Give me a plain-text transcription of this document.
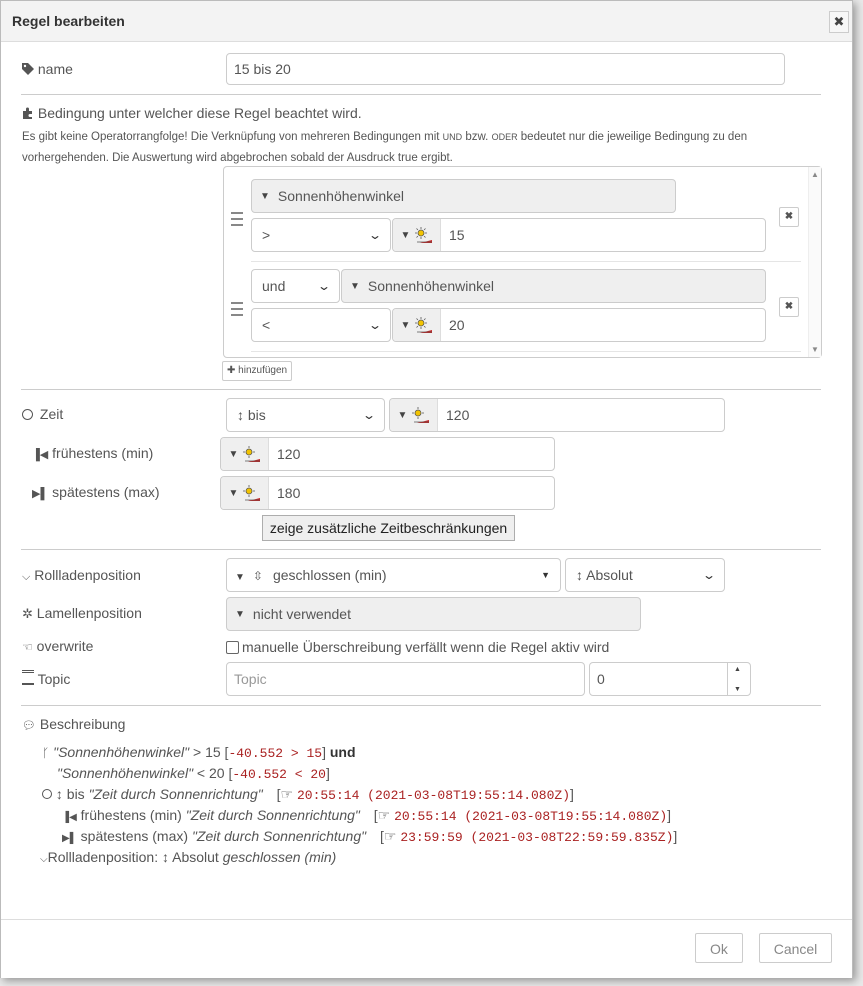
Regel bearbeiten	✖
name	15 bis 20
Bedingung unter welcher diese Regel beachtet wird.
Es gibt keine Operatorrangfolge! Die Verknüpfung von mehreren Bedingungen mit UND bzw. ODER bedeutet nur die jeweilige Bedingung zu den
vorhergehenden. Die Auswertung wird abgebrochen sobald der Ausdruck true ergibt.
▲
▼
▼ Sonnenhöhenwinkel
>	⌄ ▼	15
✖
und	⌄ ▼ Sonnenhöhenwinkel
<	⌄ ▼	20
✖
✚ hinzufügen
Zeit	↕ bis	⌄ ▼	120
▐◀ frühestens (min)	▼	120
▶▌ spätestens (max)	▼	180
zeige zusätzliche Zeitbeschränkungen
⌵ Rollladenposition	▼ ⇳ geschlossen (min)	▼ ↕ Absolut	⌄
✲ Lamellenposition	▼ nicht verwendet
☜ overwrite	manuelle Überschreibung verfällt wenn die Regel aktiv wird
Topic	Topic	0
▲
▼
💬︎ Beschreibung
ᚴ "Sonnenhöhenwinkel" > 15 [-40.552 > 15] und
"Sonnenhöhenwinkel" < 20 [-40.552 < 20]
↕ bis "Zeit durch Sonnenrichtung" [☞ 20:55:14 (2021-03-08T19:55:14.080Z)]
▐◀ frühestens (min) "Zeit durch Sonnenrichtung" [☞ 20:55:14 (2021-03-08T19:55:14.080Z)]
▶▌ spätestens (max) "Zeit durch Sonnenrichtung" [☞ 23:59:59 (2021-03-08T22:59:59.835Z)]
⌵Rollladenposition: ↕ Absolut geschlossen (min)
Ok	Cancel
